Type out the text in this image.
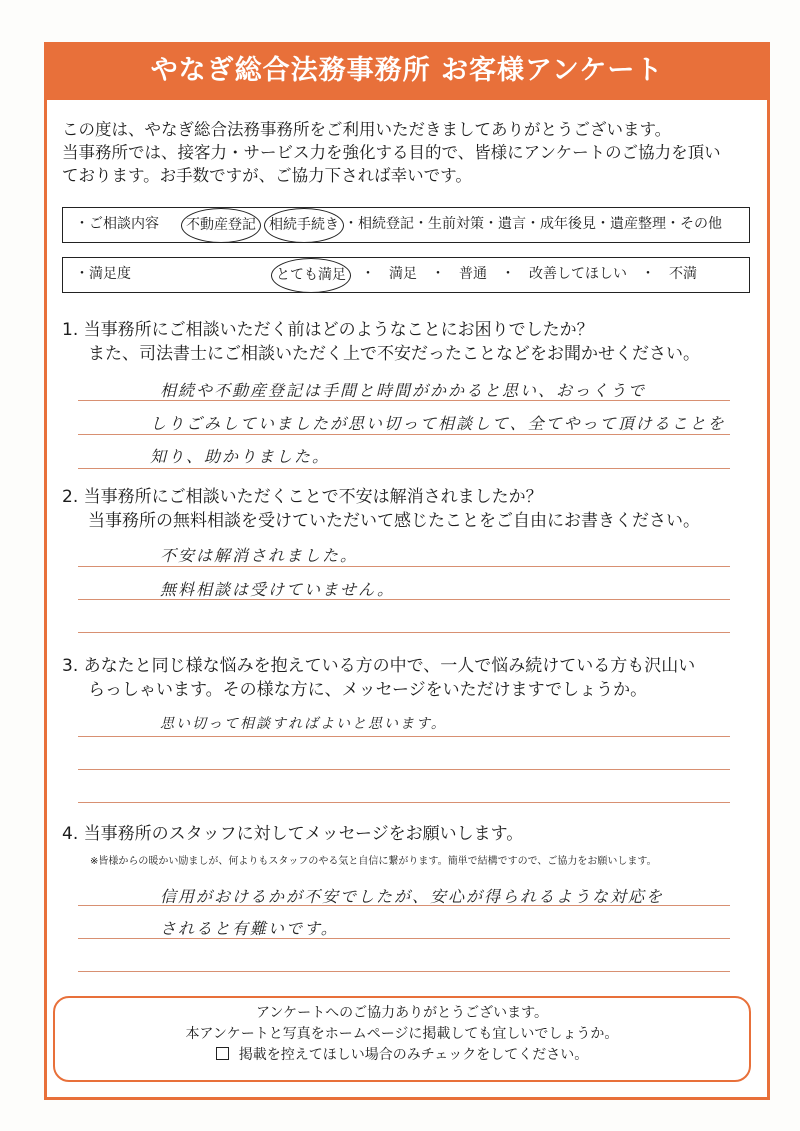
やなぎ総合法務事務所 お客様アンケート

この度は、やなぎ総合法務事務所をご利用いただきましてありがとうございます。

当事務所では、接客力・サービス力を強化する目的で、皆様にアンケートのご協力を頂い

ております。お手数ですが、ご協力下されば幸いです。

・ご相談内容	不動産登記 相続手続き ・相続登記・生前対策・遺言・成年後見・遺産整理・その他
・満足度	とても満足	・　満足　・　普通　・　改善してほしい　・　不満

1. 当事務所にご相談いただく前はどのようなことにお困りでしたか？

また、司法書士にご相談いただく上で不安だったことなどをお聞かせください。

相続や不動産登記は手間と時間がかかると思い、おっくうで
しりごみしていましたが思い切って相談して、全てやって頂けることを
知り、助かりました。

2. 当事務所にご相談いただくことで不安は解消されましたか？

当事務所の無料相談を受けていただいて感じたことをご自由にお書きください。

不安は解消されました。
無料相談は受けていません。

3. あなたと同じ様な悩みを抱えている方の中で、一人で悩み続けている方も沢山い

らっしゃいます。その様な方に、メッセージをいただけますでしょうか。

思い切って相談すればよいと思います。

4. 当事務所のスタッフに対してメッセージをお願いします。

※皆様からの暖かい励ましが、何よりもスタッフのやる気と自信に繋がります。簡単で結構ですので、ご協力をお願いします。
信用がおけるかが不安でしたが、安心が得られるような対応を
されると有難いです。

アンケートへのご協力ありがとうございます。

本アンケートと写真をホームページに掲載しても宜しいでしょうか。

掲載を控えてほしい場合のみチェックをしてください。
